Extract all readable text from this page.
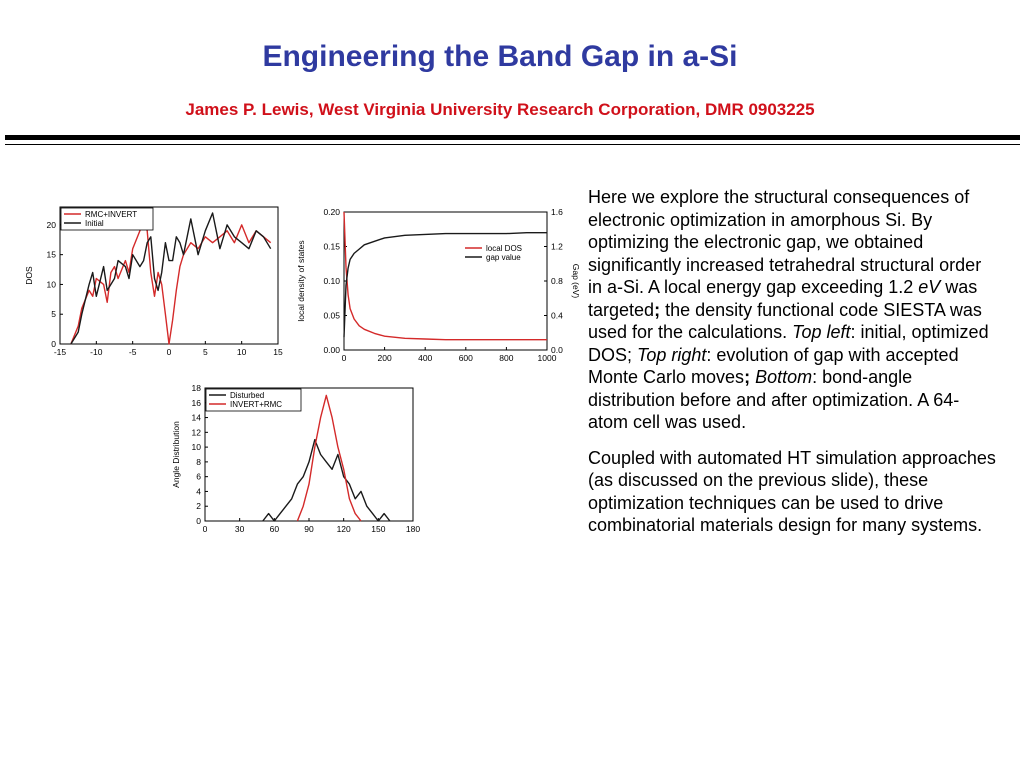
Engineering the Band Gap in a-Si
James P. Lewis, West Virginia University Research Corporation, DMR 0903225
-15	-10	-5	0	5	10	15
0
5
10
15
20
DOS
RMC+INVERT
Initial
0	200	400	600	800	1000
0.00
0.05
0.10
0.15
0.20
0.0
0.4
0.8
1.2
1.6
local density of states	Gap (eV)
local DOS
gap value
0	30	60	90	120 150 180
0
2
4
6
8
10
12
14
16
18
Angle Distribution
Disturbed
INVERT+RMC

Here we explore the structural consequences of electronic optimization in amorphous Si. By optimizing the electronic gap, we obtained significantly increased tetrahedral structural order in a-Si. A local energy gap exceeding 1.2 eV was targeted; the density functional code SIESTA was used for the calculations. Top left: initial, optimized DOS; Top right: evolution of gap with accepted Monte Carlo moves; Bottom: bond-angle distribution before and after optimization. A 64-atom cell was used.

Coupled with automated HT simulation approaches (as discussed on the previous slide), these optimization techniques can be used to drive combinatorial materials design for many systems.
